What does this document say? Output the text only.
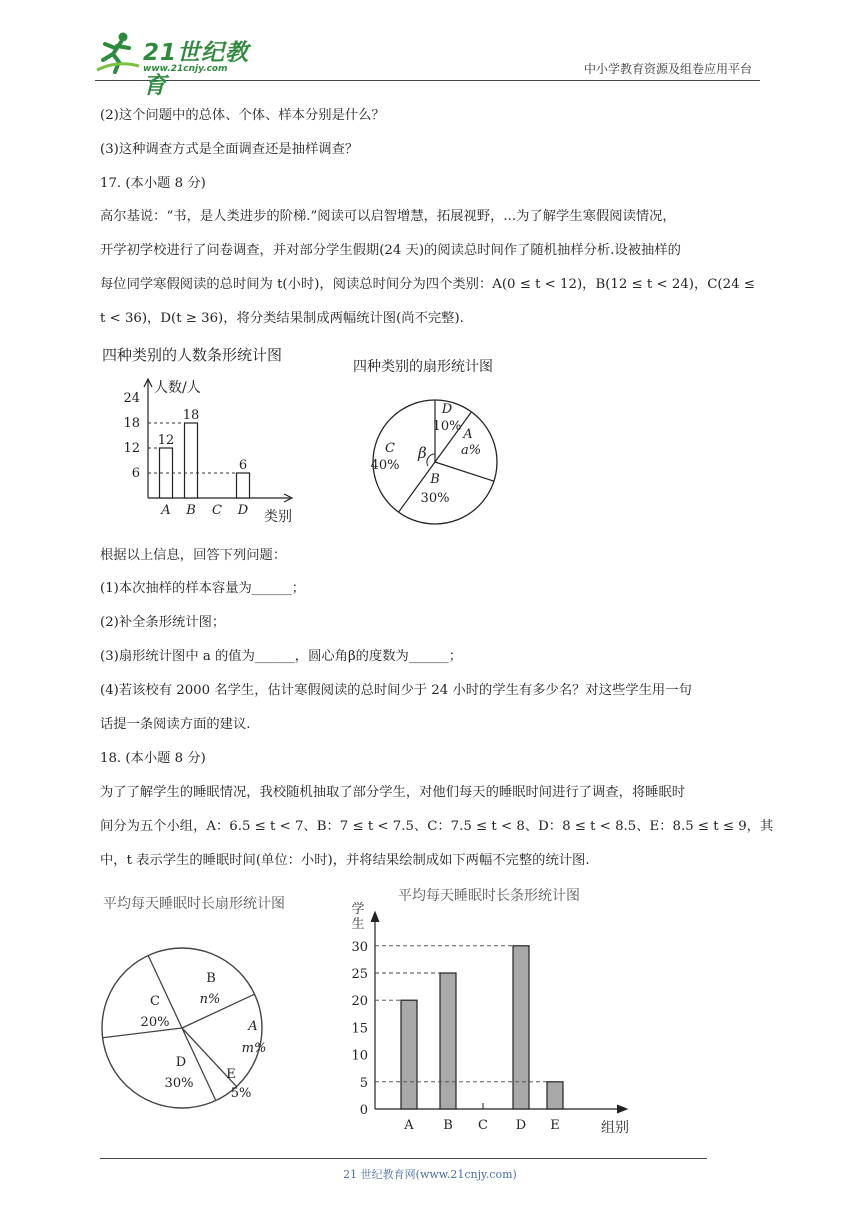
21世纪教育
www.21cnjy.com	中小学教育资源及组卷应用平台
(2)这个问题中的总体、个体、样本分别是什么？
(3)这种调查方式是全面调查还是抽样调查？
17. (本小题 8 分)
高尔基说：“书，是人类进步的阶梯.”阅读可以启智增慧，拓展视野，...为了解学生寒假阅读情况，
开学初学校进行了问卷调查，并对部分学生假期(24 天)的阅读总时间作了随机抽样分析.设被抽样的
每位同学寒假阅读的总时间为 t(小时)，阅读总时间分为四个类别：A(0 ≤ t < 12)，B(12 ≤ t < 24)，C(24 ≤
t < 36)，D(t ≥ 36)，将分类结果制成两幅统计图(尚不完整).
四种类别的人数条形统计图
人数/人
类别
6
12
18
24
A
12
B
18
C D
6
四种类别的扇形统计图
D
10%
A
a%
B
30%
C
40%
β
根据以上信息，回答下列问题：
(1)本次抽样的样本容量为______；
(2)补全条形统计图；
(3)扇形统计图中 a 的值为______，圆心角β的度数为______；
(4)若该校有 2000 名学生，估计寒假阅读的总时间少于 24 小时的学生有多少名？对这些学生用一句
话提一条阅读方面的建议.
18. (本小题 8 分)
为了了解学生的睡眠情况，我校随机抽取了部分学生，对他们每天的睡眠时间进行了调查，将睡眠时
间分为五个小组，A：6.5 ≤ t < 7、B：7 ≤ t < 7.5、C：7.5 ≤ t < 8、D：8 ≤ t < 8.5、E：8.5 ≤ t ≤ 9，其
中，t 表示学生的睡眠时间(单位：小时)，并将结果绘制成如下两幅不完整的统计图.
平均每天睡眠时长扇形统计图
B
n%
A
m%
E
5%
D
30%
C
20%
平均每天睡眠时长条形统计图
学
生
组别
0
5
10
15
20
25
30
A B C D E
21 世纪教育网(www.21cnjy.com)
